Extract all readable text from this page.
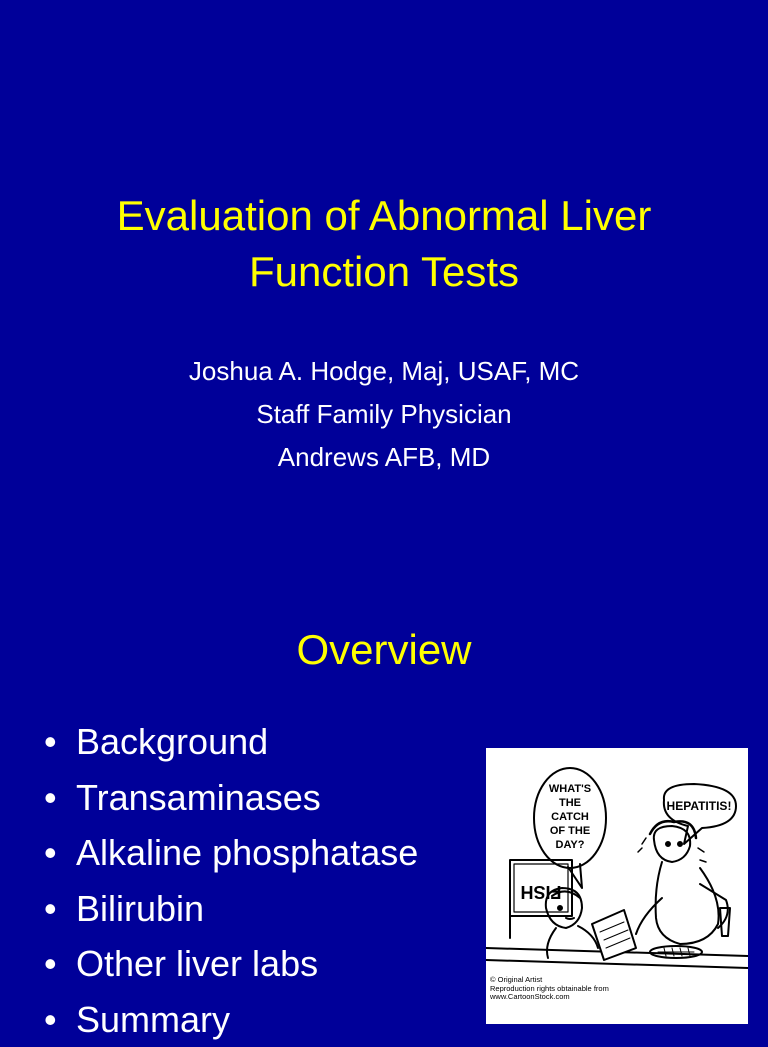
Evaluation of Abnormal Liver
Function Tests
Joshua A. Hodge, Maj, USAF, MC
Staff Family Physician
Andrews AFB, MD
Overview
• Background
• Transaminases
• Alkaline phosphatase
• Bilirubin
• Other liver labs
• Summary
WHAT'S
THE
CATCH
OF THE
DAY?
HEPATITIS!
FISH
© Original Artist
Reproduction rights obtainable from
www.CartoonStock.com
